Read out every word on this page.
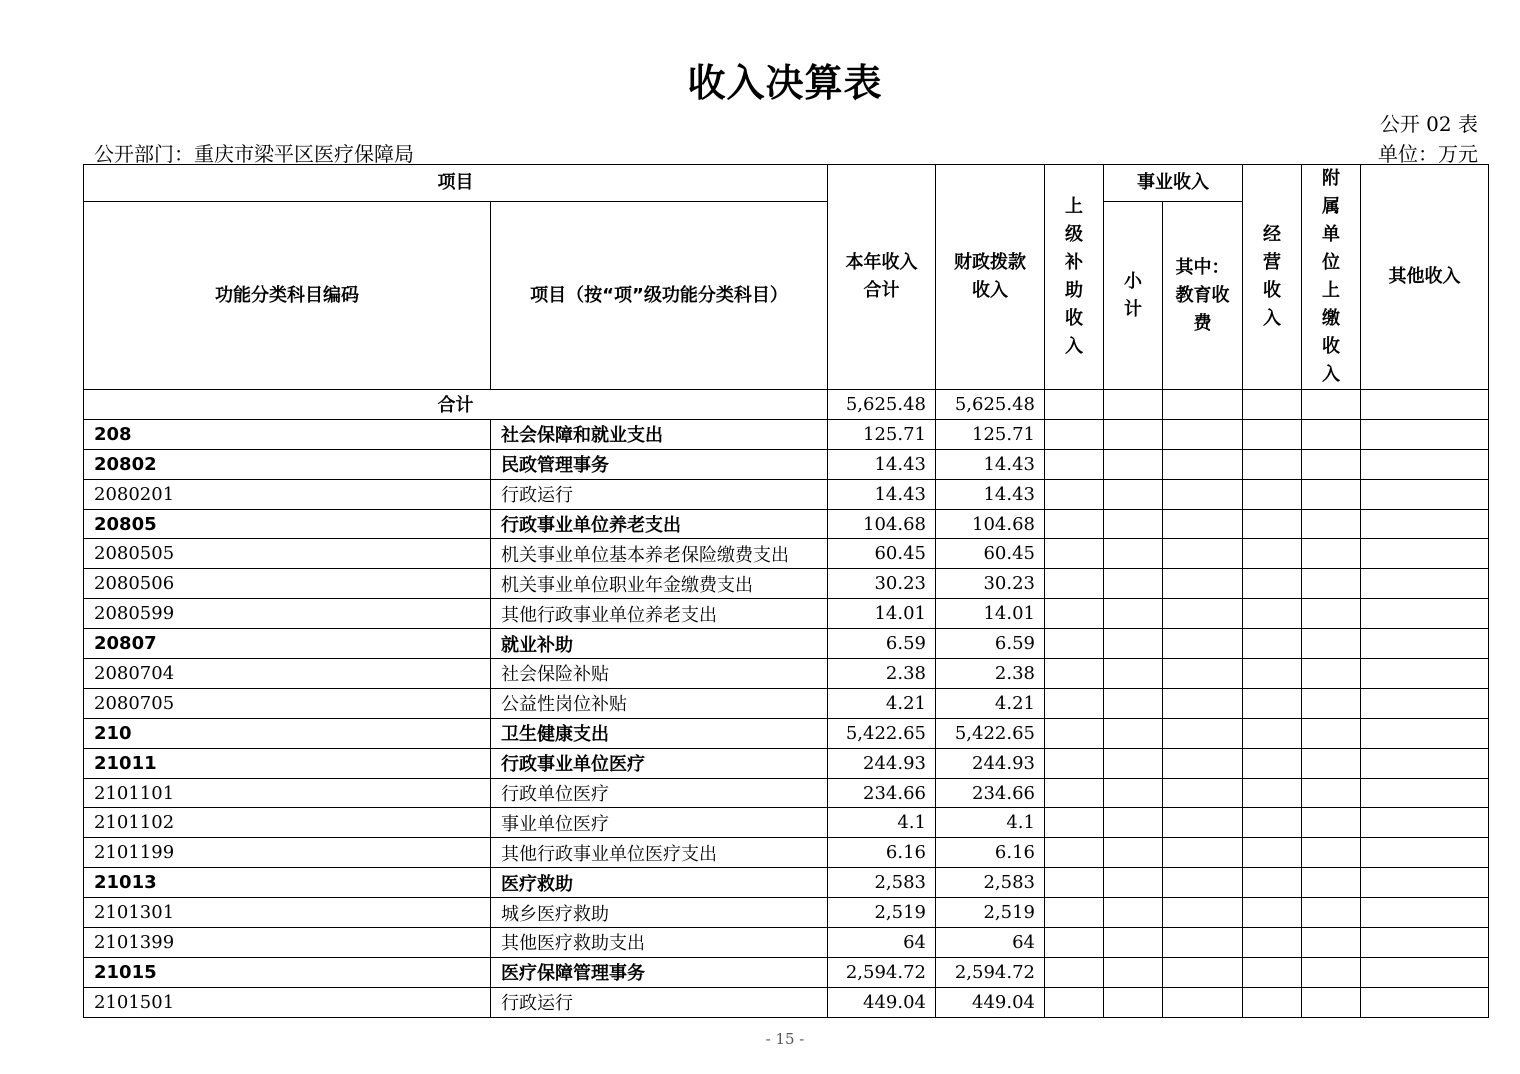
收入决算表
公开 02 表
公开部门：重庆市梁平区医疗保障局	单位：万元
项目		本年收入合计	财政拨款收入	上级补助收入	事业收入		经营收入	附属单位上缴收入	其他收入
功能分类科目编码	项目（按“项”级功能分类科目）				小计	其中：教育收费			

合计		5,625.48	5,625.48						
208	社会保障和就业支出	125.71	125.71						
20802	民政管理事务	14.43	14.43						
2080201	行政运行	14.43	14.43						
20805	行政事业单位养老支出	104.68	104.68						
2080505	机关事业单位基本养老保险缴费支出	60.45	60.45						
2080506	机关事业单位职业年金缴费支出	30.23	30.23						
2080599	其他行政事业单位养老支出	14.01	14.01						
20807	就业补助	6.59	6.59						
2080704	社会保险补贴	2.38	2.38						
2080705	公益性岗位补贴	4.21	4.21						
210	卫生健康支出	5,422.65	5,422.65						
21011	行政事业单位医疗	244.93	244.93						
2101101	行政单位医疗	234.66	234.66						
2101102	事业单位医疗	4.1	4.1						
2101199	其他行政事业单位医疗支出	6.16	6.16						
21013	医疗救助	2,583	2,583						
2101301	城乡医疗救助	2,519	2,519						
2101399	其他医疗救助支出	64	64						
21015	医疗保障管理事务	2,594.72	2,594.72						
2101501	行政运行	449.04	449.04						
- 15 -
